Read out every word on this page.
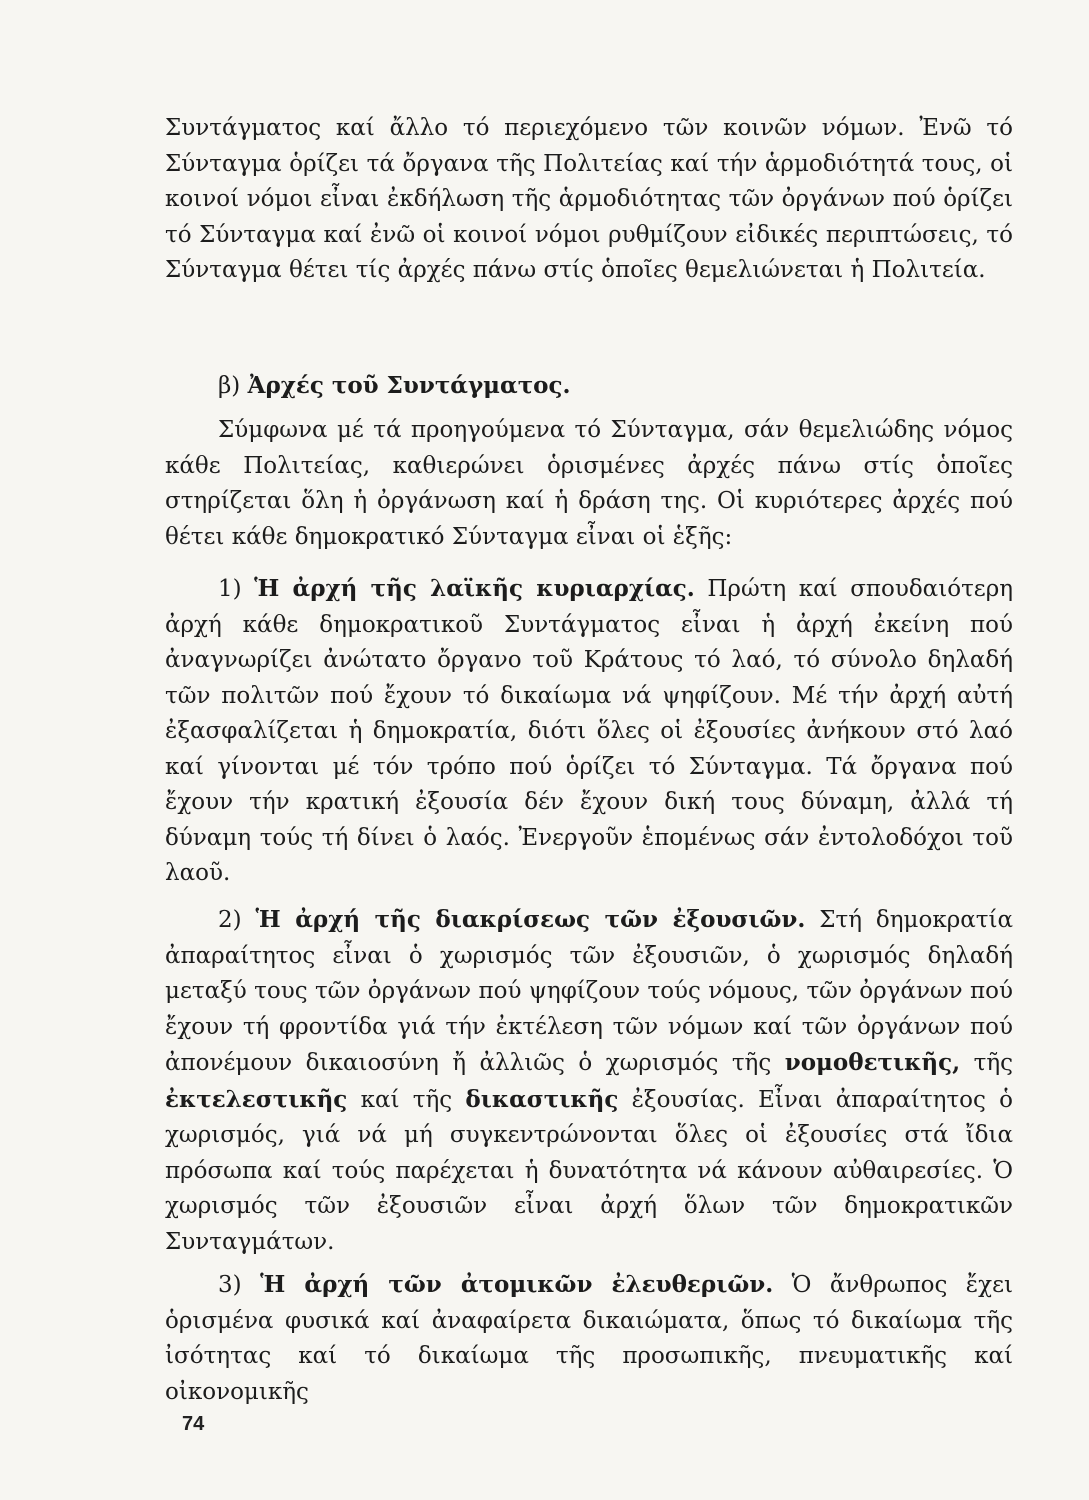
Συντάγματος καί ἄλλο τό περιεχόμενο τῶν κοινῶν νόμων. Ἐνῶ τό Σύνταγμα ὁρίζει τά ὄργανα τῆς Πολιτείας καί τήν ἁρμοδιότητά τους, οἱ κοινοί νόμοι εἶναι ἐκδήλωση τῆς ἁρμοδιότητας τῶν ὀργάνων πού ὁρίζει τό Σύνταγμα καί ἐνῶ οἱ κοινοί νόμοι ρυθμίζουν εἰδικές περιπτώσεις, τό Σύνταγμα θέτει τίς ἀρχές πάνω στίς ὁποῖες θεμελιώνεται ἡ Πολιτεία.

β) Ἀρχές τοῦ Συντάγματος.

Σύμφωνα μέ τά προηγούμενα τό Σύνταγμα, σάν θεμελιώδης νόμος κάθε Πολιτείας, καθιερώνει ὁρισμένες ἀρχές πάνω στίς ὁποῖες στηρίζεται ὅλη ἡ ὀργάνωση καί ἡ δράση της. Οἱ κυριότερες ἀρχές πού θέτει κάθε δημοκρατικό Σύνταγμα εἶναι οἱ ἑξῆς:

1) Ἡ ἀρχή τῆς λαϊκῆς κυριαρχίας. Πρώτη καί σπουδαιότερη ἀρχή κάθε δημοκρατικοῦ Συντάγματος εἶναι ἡ ἀρχή ἐκείνη πού ἀναγνωρίζει ἀνώτατο ὄργανο τοῦ Κράτους τό λαό, τό σύνολο δηλαδή τῶν πολιτῶν πού ἔχουν τό δικαίωμα νά ψηφίζουν. Μέ τήν ἀρχή αὐτή ἐξασφαλίζεται ἡ δημοκρατία, διότι ὅλες οἱ ἐξουσίες ἀνήκουν στό λαό καί γίνονται μέ τόν τρόπο πού ὁρίζει τό Σύνταγμα. Τά ὄργανα πού ἔχουν τήν κρατική ἐξουσία δέν ἔχουν δική τους δύναμη, ἀλλά τή δύναμη τούς τή δίνει ὁ λαός. Ἐνεργοῦν ἑπομένως σάν ἐντολοδόχοι τοῦ λαοῦ.

2) Ἡ ἀρχή τῆς διακρίσεως τῶν ἐξουσιῶν. Στή δημοκρατία ἀπαραίτητος εἶναι ὁ χωρισμός τῶν ἐξουσιῶν, ὁ χωρισμός δηλαδή μεταξύ τους τῶν ὀργάνων πού ψηφίζουν τούς νόμους, τῶν ὀργάνων πού ἔχουν τή φροντίδα γιά τήν ἐκτέλεση τῶν νόμων καί τῶν ὀργάνων πού ἀπονέμουν δικαιοσύνη ἤ ἀλλιῶς ὁ χωρισμός τῆς νομοθετικῆς, τῆς ἐκτελεστικῆς καί τῆς δικαστικῆς ἐξουσίας. Εἶναι ἀπαραίτητος ὁ χωρισμός, γιά νά μή συγκεντρώνονται ὅλες οἱ ἐξουσίες στά ἴδια πρόσωπα καί τούς παρέχεται ἡ δυνατότητα νά κάνουν αὐθαιρεσίες. Ὁ χωρισμός τῶν ἐξουσιῶν εἶναι ἀρχή ὅλων τῶν δημοκρατικῶν Συνταγμάτων.

3) Ἡ ἀρχή τῶν ἀτομικῶν ἐλευθεριῶν. Ὁ ἄνθρωπος ἔχει ὁρισμένα φυσικά καί ἀναφαίρετα δικαιώματα, ὅπως τό δικαίωμα τῆς ἰσότητας καί τό δικαίωμα τῆς προσωπικῆς, πνευματικῆς καί οἰκονομικῆς

74
